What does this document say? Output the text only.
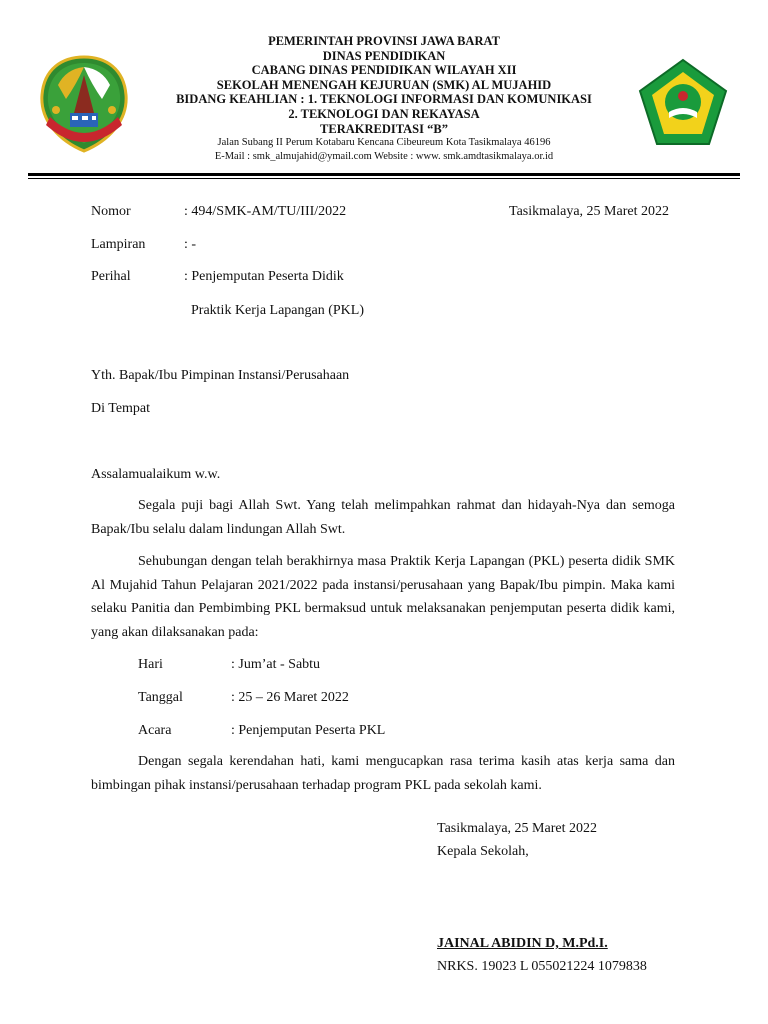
PEMERINTAH PROVINSI JAWA BARAT
DINAS PENDIDIKAN
CABANG DINAS PENDIDIKAN WILAYAH XII
SEKOLAH MENENGAH KEJURUAN (SMK) AL MUJAHID
BIDANG KEAHLIAN : 1. TEKNOLOGI INFORMASI DAN KOMUNIKASI
2. TEKNOLOGI DAN REKAYASA
TERAKREDITASI “B”
Jalan Subang II Perum Kotabaru Kencana Cibeureum Kota Tasikmalaya 46196
E-Mail : smk_almujahid@ymail.com Website : www. smk.amdtasikmalaya.or.id
Nomor	: 494/SMK-AM/TU/III/2022	Tasikmalaya, 25 Maret 2022
Lampiran	: -
Perihal	: Penjemputan Peserta Didik
Praktik Kerja Lapangan (PKL)
Yth. Bapak/Ibu Pimpinan Instansi/Perusahaan
Di Tempat
Assalamualaikum w.w.
Segala puji bagi Allah Swt. Yang telah melimpahkan rahmat dan hidayah-Nya dan semoga Bapak/Ibu selalu dalam lindungan Allah Swt.
Sehubungan dengan telah berakhirnya masa Praktik Kerja Lapangan (PKL) peserta didik SMK Al Mujahid Tahun Pelajaran 2021/2022 pada instansi/perusahaan yang Bapak/Ibu pimpin. Maka kami selaku Panitia dan Pembimbing PKL bermaksud untuk melaksanakan penjemputan peserta didik kami, yang akan dilaksanakan pada:
Hari	: Jum’at - Sabtu
Tanggal	: 25 – 26 Maret 2022
Acara	: Penjemputan Peserta PKL
Dengan segala kerendahan hati, kami mengucapkan rasa terima kasih atas kerja sama dan bimbingan pihak instansi/perusahaan terhadap program PKL pada sekolah kami.
Tasikmalaya, 25 Maret 2022
Kepala Sekolah,
JAINAL ABIDIN D, M.Pd.I.
NRKS. 19023 L 055021224 1079838
